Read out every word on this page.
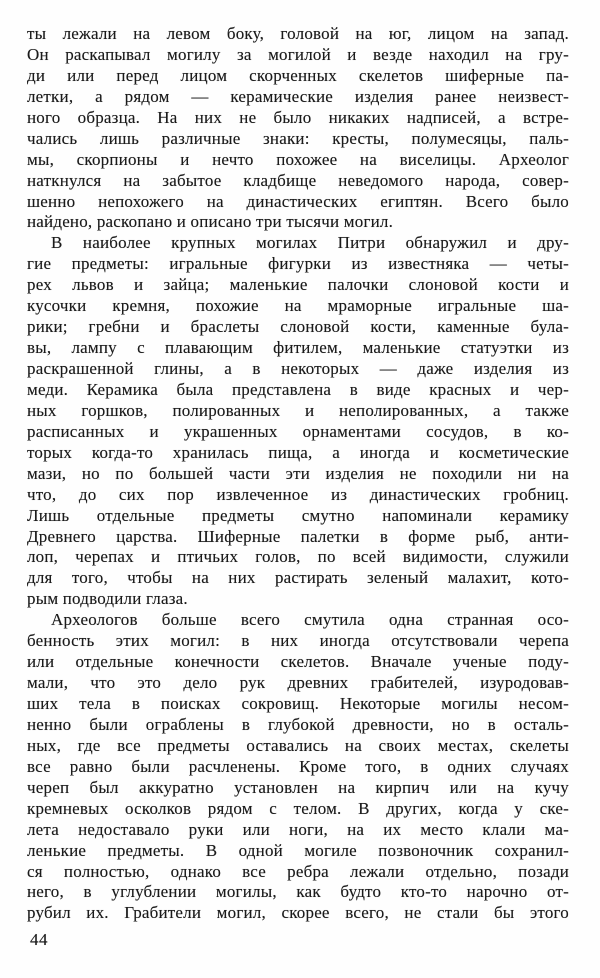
ты лежали на левом боку, головой на юг, лицом на запад.
Он раскапывал могилу за могилой и везде находил на гру-
ди или перед лицом скорченных скелетов шиферные па-
летки, а рядом — керамические изделия ранее неизвест-
ного образца. На них не было никаких надписей, а встре-
чались лишь различные знаки: кресты, полумесяцы, паль-
мы, скорпионы и нечто похожее на виселицы. Археолог
наткнулся на забытое кладбище неведомого народа, совер-
шенно непохожего на династических египтян. Всего было
найдено, раскопано и описано три тысячи могил.
В наиболее крупных могилах Питри обнаружил и дру-
гие предметы: игральные фигурки из известняка — четы-
рех львов и зайца; маленькие палочки слоновой кости и
кусочки кремня, похожие на мраморные игральные ша-
рики; гребни и браслеты слоновой кости, каменные була-
вы, лампу с плавающим фитилем, маленькие статуэтки из
раскрашенной глины, а в некоторых — даже изделия из
меди. Керамика была представлена в виде красных и чер-
ных горшков, полированных и неполированных, а также
расписанных и украшенных орнаментами сосудов, в ко-
торых когда-то хранилась пища, а иногда и косметические
мази, но по большей части эти изделия не походили ни на
что, до сих пор извлеченное из династических гробниц.
Лишь отдельные предметы смутно напоминали керамику
Древнего царства. Шиферные палетки в форме рыб, анти-
лоп, черепах и птичьих голов, по всей видимости, служили
для того, чтобы на них растирать зеленый малахит, кото-
рым подводили глаза.
Археологов больше всего смутила одна странная осо-
бенность этих могил: в них иногда отсутствовали черепа
или отдельные конечности скелетов. Вначале ученые поду-
мали, что это дело рук древних грабителей, изуродовав-
ших тела в поисках сокровищ. Некоторые могилы несом-
ненно были ограблены в глубокой древности, но в осталь-
ных, где все предметы оставались на своих местах, скелеты
все равно были расчленены. Кроме того, в одних случаях
череп был аккуратно установлен на кирпич или на кучу
кремневых осколков рядом с телом. В других, когда у ске-
лета недоставало руки или ноги, на их место клали ма-
ленькие предметы. В одной могиле позвоночник сохранил-
ся полностью, однако все ребра лежали отдельно, позади
него, в углублении могилы, как будто кто-то нарочно от-
рубил их. Грабители могил, скорее всего, не стали бы этого
44
